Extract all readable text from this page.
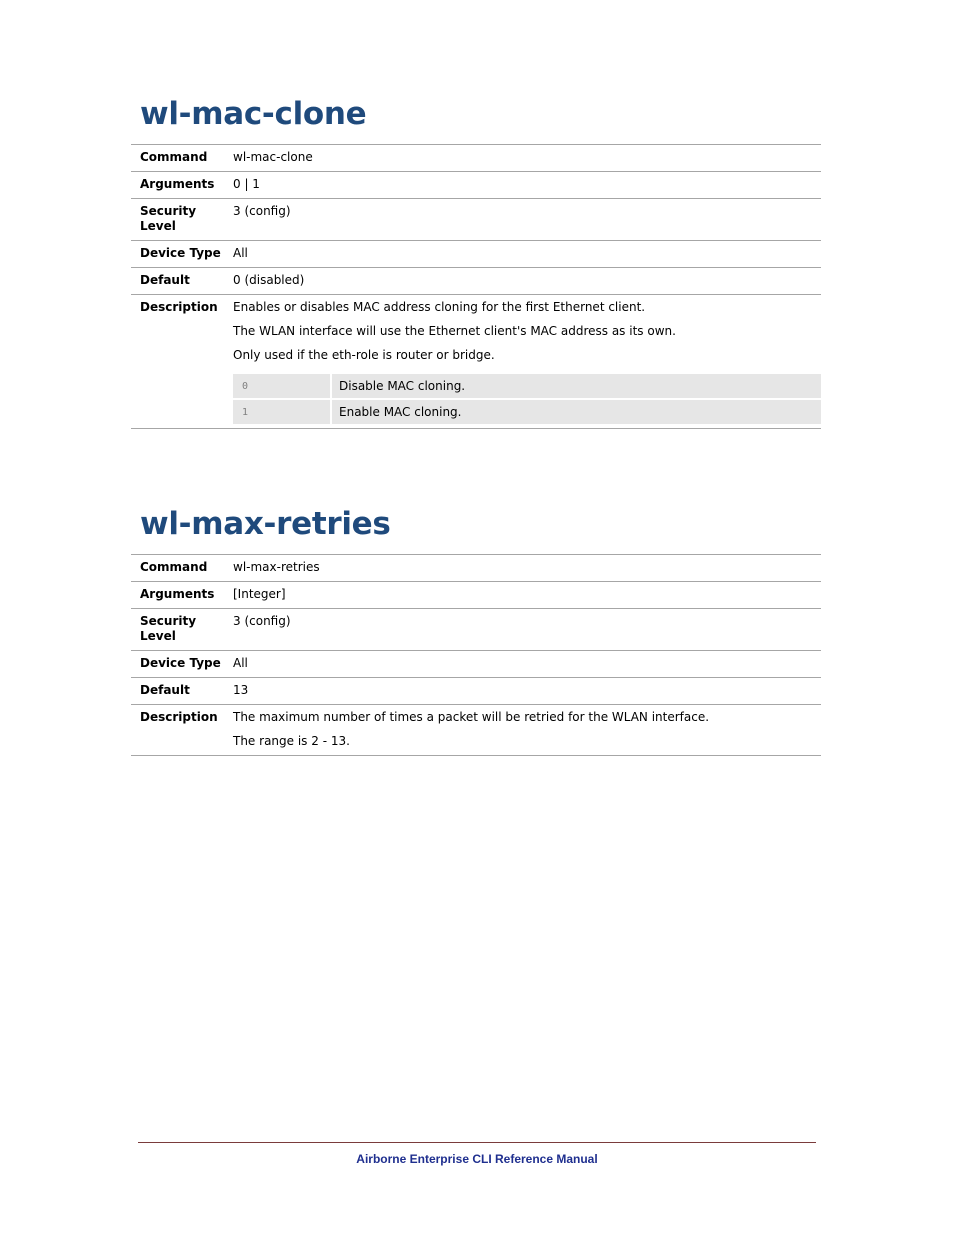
wl-mac-clone
Command	wl-mac-clone
Arguments	0 | 1
Security
Level	3 (config)
Device Type	All
Default	0 (disabled)
Description	Enables or disables MAC address cloning for the first Ethernet client.

The WLAN interface will use the Ethernet client's MAC address as its own.

Only used if the eth-role is router or bridge.

0	Disable MAC cloning.
1	Enable MAC cloning.
wl-max-retries
Command	wl-max-retries
Arguments	[Integer]
Security
Level	3 (config)
Device Type	All
Default	13
Description	The maximum number of times a packet will be retried for the WLAN interface.

The range is 2 - 13.

Airborne Enterprise CLI Reference Manual
